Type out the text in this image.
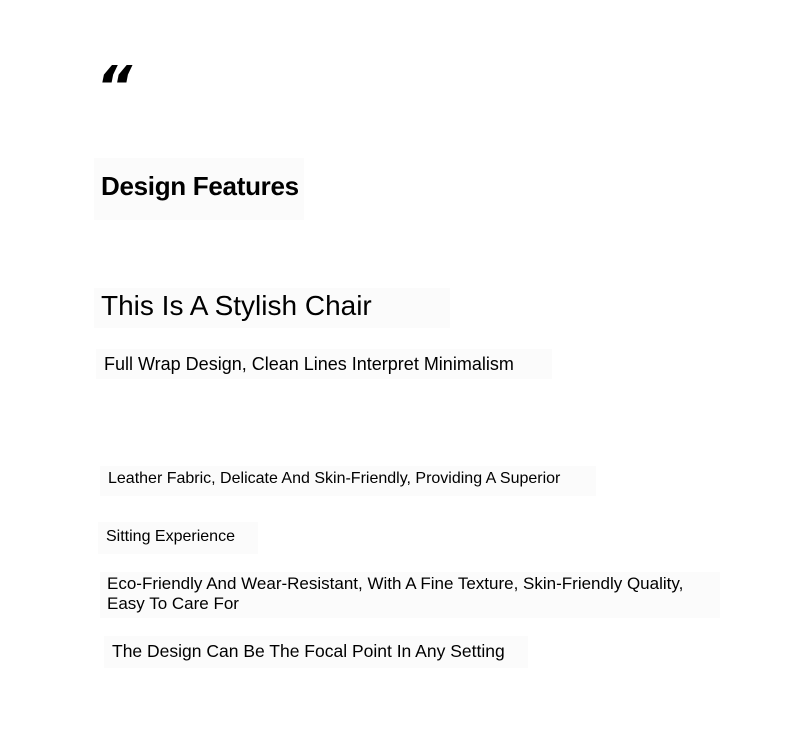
“
Design Features
This Is A Stylish Chair
Full Wrap Design, Clean Lines Interpret Minimalism
Leather Fabric, Delicate And Skin-Friendly, Providing A Superior
Sitting Experience
Eco-Friendly And Wear-Resistant, With A Fine Texture, Skin-Friendly Quality, Easy To Care For
The Design Can Be The Focal Point In Any Setting
